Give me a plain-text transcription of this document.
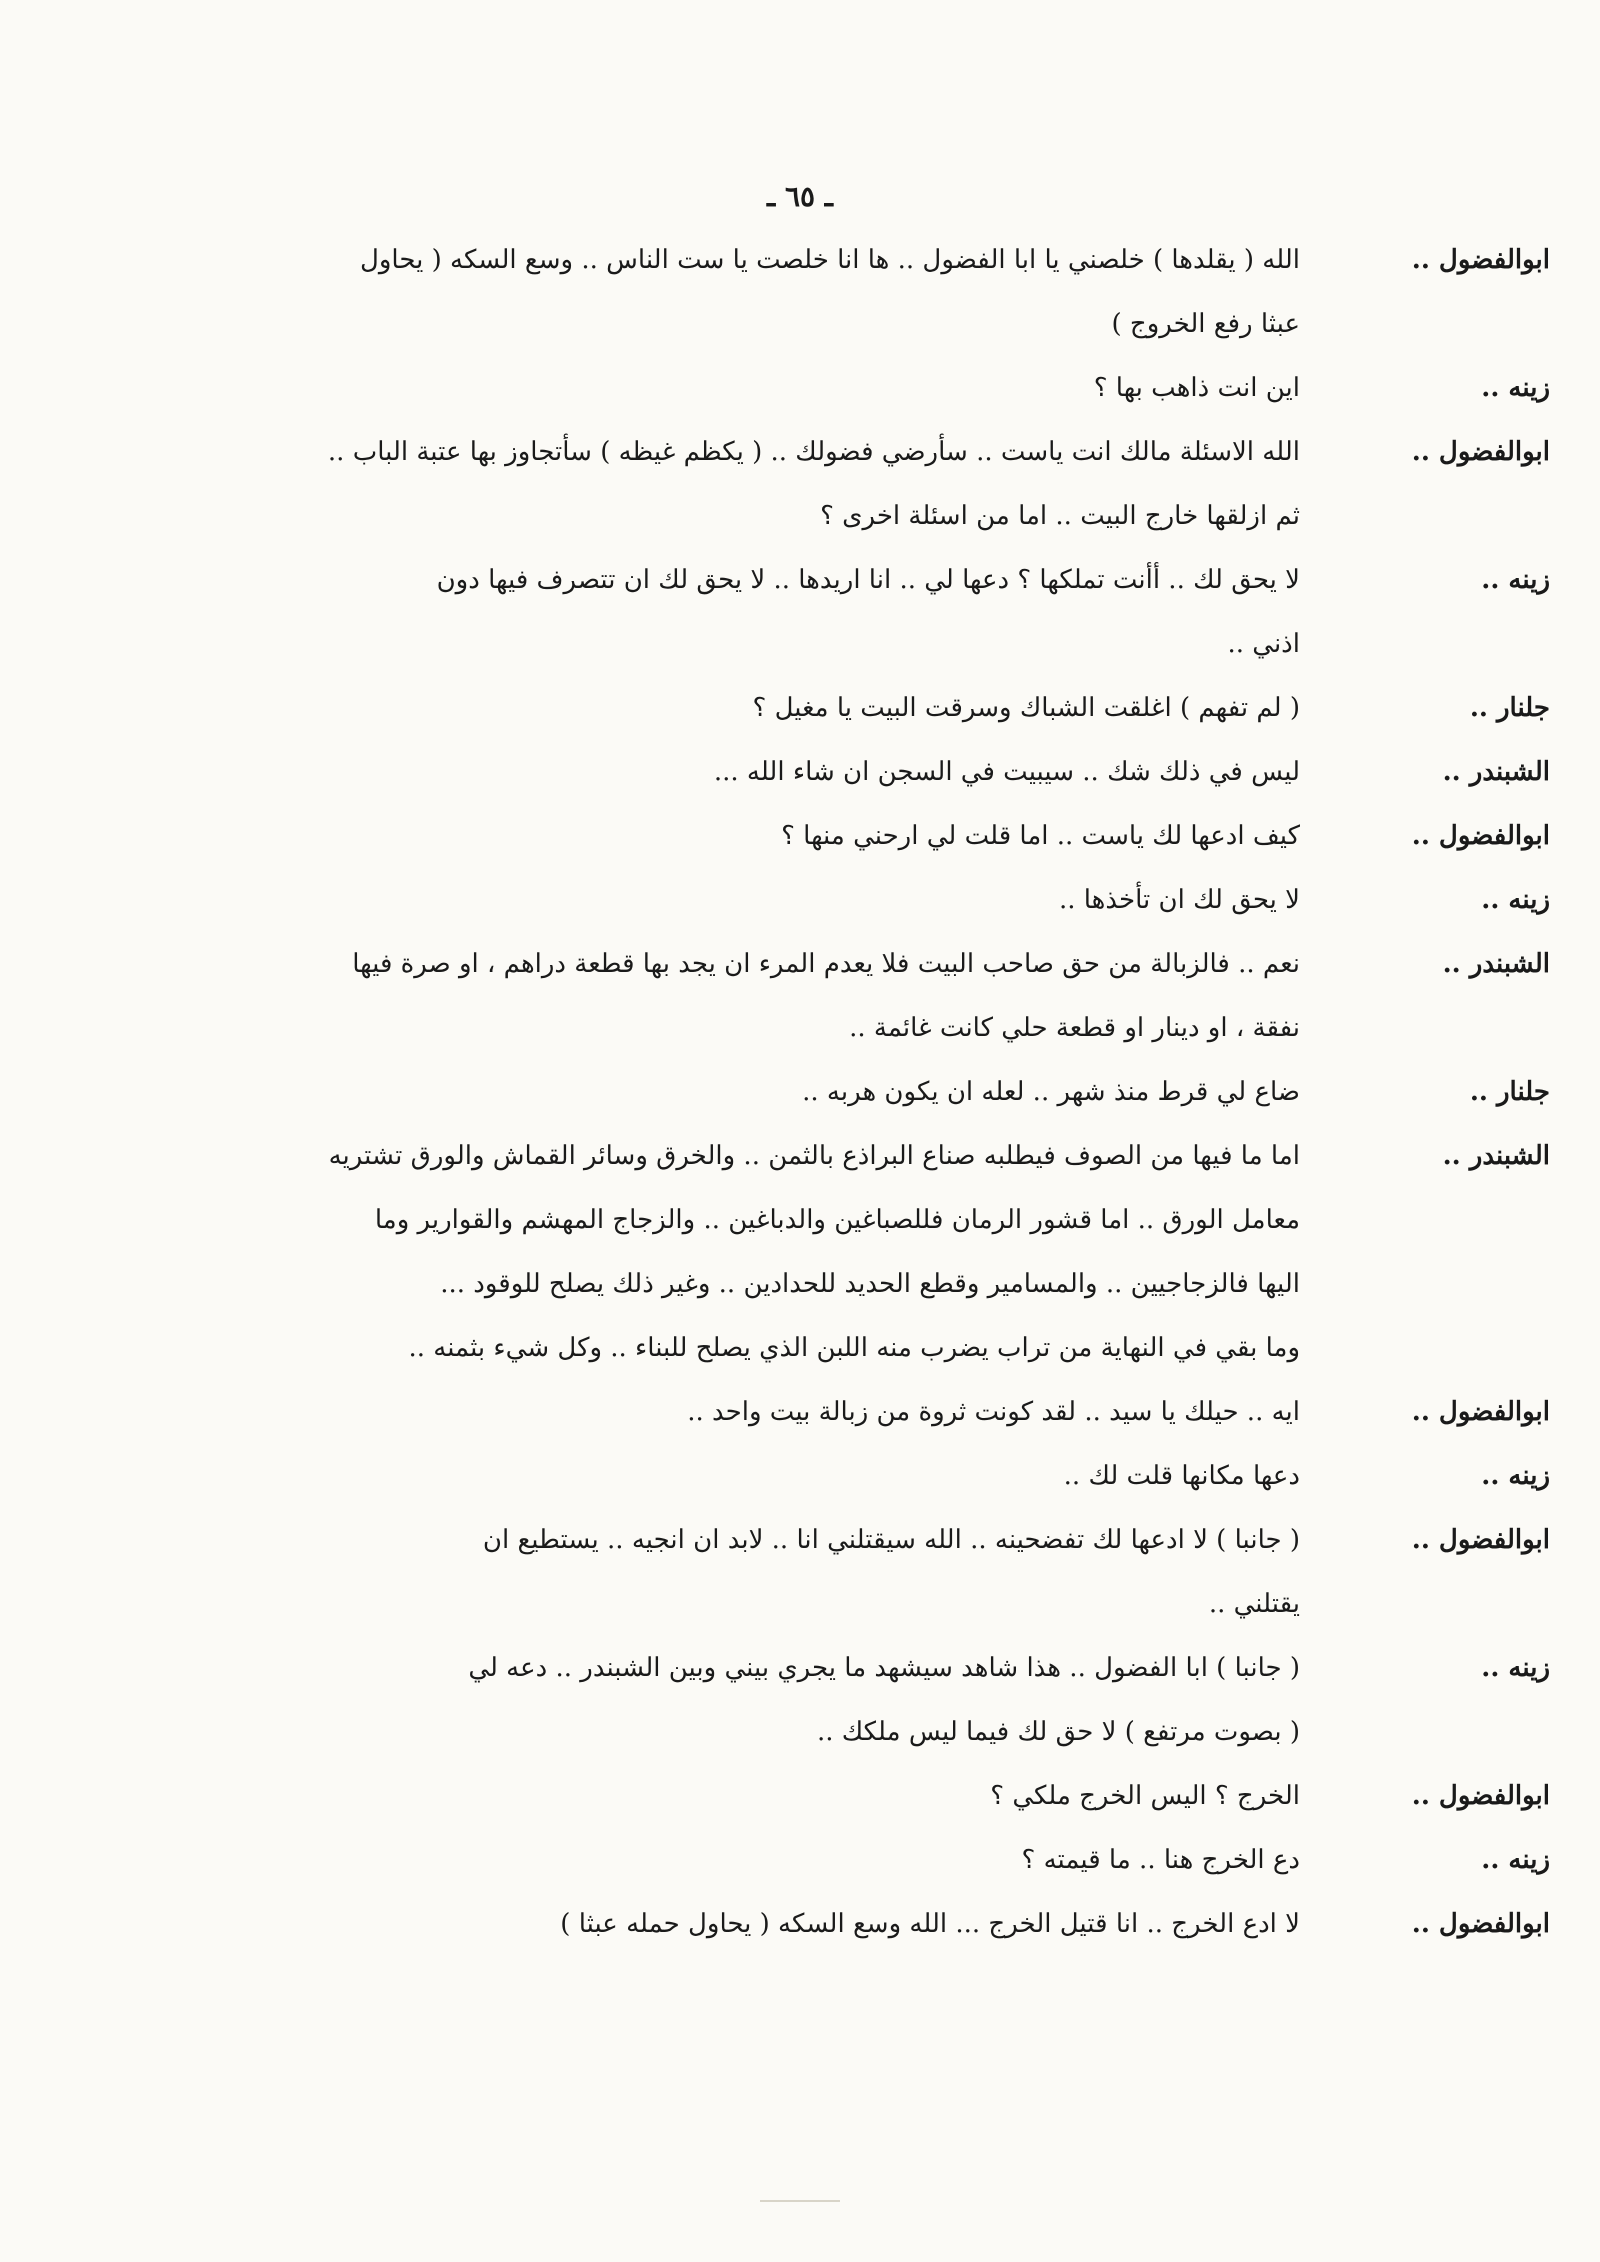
ـ ٦٥ ـ
ابوالفضول ..
الله ( يقلدها ) خلصني يا ابا الفضول .. ها انا خلصت يا ست الناس .. وسع السكه ( يحاول
عبثا رفع الخروج )
زينه ..
اين انت ذاهب بها ؟
ابوالفضول ..
الله الاسئلة مالك انت ياست .. سأرضي فضولك .. ( يكظم غيظه ) سأتجاوز بها عتبة الباب ..
ثم ازلقها خارج البيت .. اما من اسئلة اخرى ؟
زينه ..
لا يحق لك .. أأنت تملكها ؟ دعها لي .. انا اريدها .. لا يحق لك ان تتصرف فيها دون
اذني ..
جلنار ..
( لم تفهم ) اغلقت الشباك وسرقت البيت يا مغيل ؟
الشبندر ..
ليس في ذلك شك .. سيبيت في السجن ان شاء الله ...
ابوالفضول ..
كيف ادعها لك ياست .. اما قلت لي ارحني منها ؟
زينه ..
لا يحق لك ان تأخذها ..
الشبندر ..
نعم .. فالزبالة من حق صاحب البيت فلا يعدم المرء ان يجد بها قطعة دراهم ، او صرة فيها
نفقة ، او دينار او قطعة حلي كانت غائمة ..
جلنار ..
ضاع لي قرط منذ شهر .. لعله ان يكون هربه ..
الشبندر ..
اما ما فيها من الصوف فيطلبه صناع البراذع بالثمن .. والخرق وسائر القماش والورق تشتريه
معامل الورق .. اما قشور الرمان فللصباغين والدباغين .. والزجاج المهشم والقوارير وما
اليها فالزجاجيين .. والمسامير وقطع الحديد للحدادين .. وغير ذلك يصلح للوقود ...
وما بقي في النهاية من تراب يضرب منه اللبن الذي يصلح للبناء .. وكل شيء بثمنه ..
ابوالفضول ..
ايه .. حيلك يا سيد .. لقد كونت ثروة من زبالة بيت واحد ..
زينه ..
دعها مكانها قلت لك ..
ابوالفضول ..
( جانبا ) لا ادعها لك تفضحينه .. الله سيقتلني انا .. لابد ان انجيه .. يستطيع ان
يقتلني ..
زينه ..
( جانبا ) ابا الفضول .. هذا شاهد سيشهد ما يجري بيني وبين الشبندر .. دعه لي
( بصوت مرتفع ) لا حق لك فيما ليس ملكك ..
ابوالفضول ..
الخرج ؟ اليس الخرج ملكي ؟
زينه ..
دع الخرج هنا .. ما قيمته ؟
ابوالفضول ..
لا ادع الخرج .. انا قتيل الخرج ... الله وسع السكه ( يحاول حمله عبثا )
